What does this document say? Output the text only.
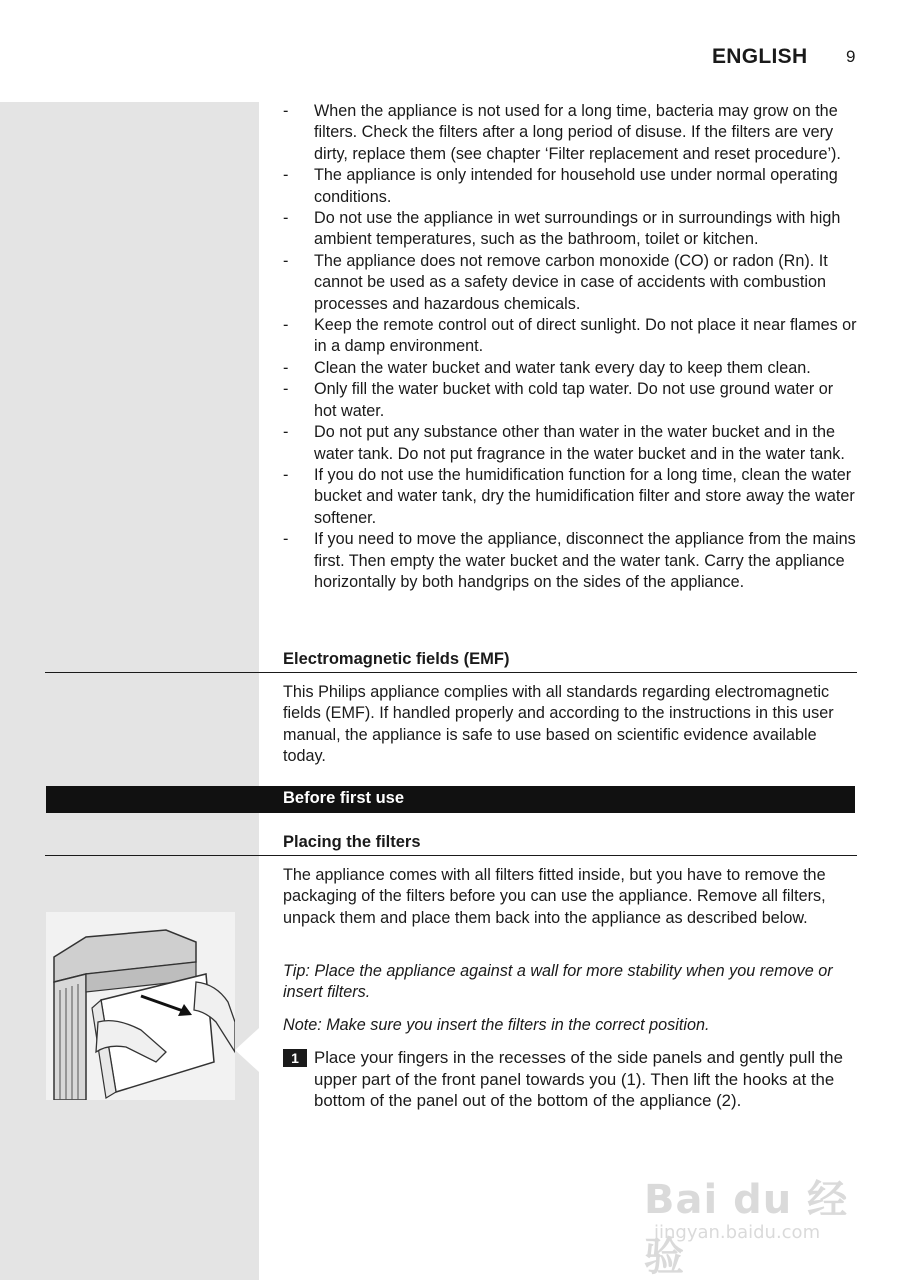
ENGLISH 9
- When the appliance is not used for a long time, bacteria may grow on the filters. Check the filters after a long period of disuse. If the filters are very dirty, replace them (see chapter ‘Filter replacement and reset procedure’).
- The appliance is only intended for household use under normal operating conditions.
- Do not use the appliance in wet surroundings or in surroundings with high ambient temperatures, such as the bathroom, toilet or kitchen.
- The appliance does not remove carbon monoxide (CO) or radon (Rn). It cannot be used as a safety device in case of accidents with combustion processes and hazardous chemicals.
- Keep the remote control out of direct sunlight. Do not place it near flames or in a damp environment.
- Clean the water bucket and water tank every day to keep them clean.
- Only fill the water bucket with cold tap water. Do not use ground water or hot water.
- Do not put any substance other than water in the water bucket and in the water tank. Do not put fragrance in the water bucket and in the water tank.
- If you do not use the humidification function for a long time, clean the water bucket and water tank, dry the humidification filter and store away the water softener.
- If you need to move the appliance, disconnect the appliance from the mains first. Then empty the water bucket and the water tank. Carry the appliance horizontally by both handgrips on the sides of the appliance.
Electromagnetic fields (EMF)

This Philips appliance complies with all standards regarding electromagnetic fields (EMF). If handled properly and according to the instructions in this user manual, the appliance is safe to use based on scientific evidence available today.

Before first use
Placing the filters

The appliance comes with all filters fitted inside, but you have to remove the packaging of the filters before you can use the appliance. Remove all filters, unpack them and place them back into the appliance as described below.

Tip: Place the appliance against a wall for more stability when you remove or insert filters.

Note: Make sure you insert the filters in the correct position.

1 Place your fingers in the recesses of the side panels and gently pull the upper part of the front panel towards you (1). Then lift the hooks at the bottom of the panel out of the bottom of the appliance (2).
Bai du 经验
jingyan.baidu.com
